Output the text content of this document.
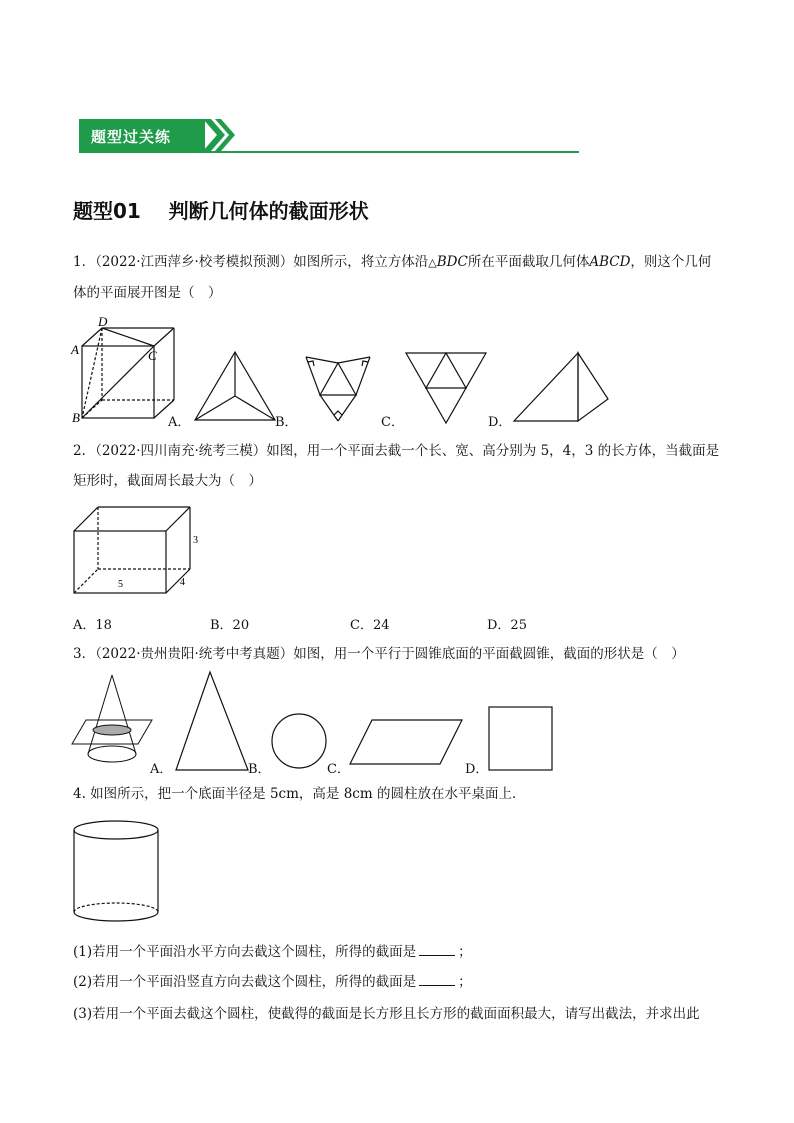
题型过关练
题型01    判断几何体的截面形状
1．（2022·江西萍乡·校考模拟预测）如图所示，将立方体沿△BDC所在平面截取几何体ABCD，则这个几何
体的平面展开图是（　）
D
A	C
B	A．	B．	C．	D．
2．（2022·四川南充·统考三模）如图，用一个平面去截一个长、宽、高分别为 5，4，3 的长方体，当截面是
矩形时，截面周长最大为（　）
3
4
5
A．18	B．20	C．24	D．25
3．（2022·贵州贵阳·统考中考真题）如图，用一个平行于圆锥底面的平面截圆锥，截面的形状是（　）
A．	B．	C．	D．
4. 如图所示，把一个底面半径是 5cm，高是 8cm 的圆柱放在水平桌面上．
(1)若用一个平面沿水平方向去截这个圆柱，所得的截面是	；
(2)若用一个平面沿竖直方向去截这个圆柱，所得的截面是	；
(3)若用一个平面去截这个圆柱，使截得的截面是长方形且长方形的截面面积最大，请写出截法，并求出此
